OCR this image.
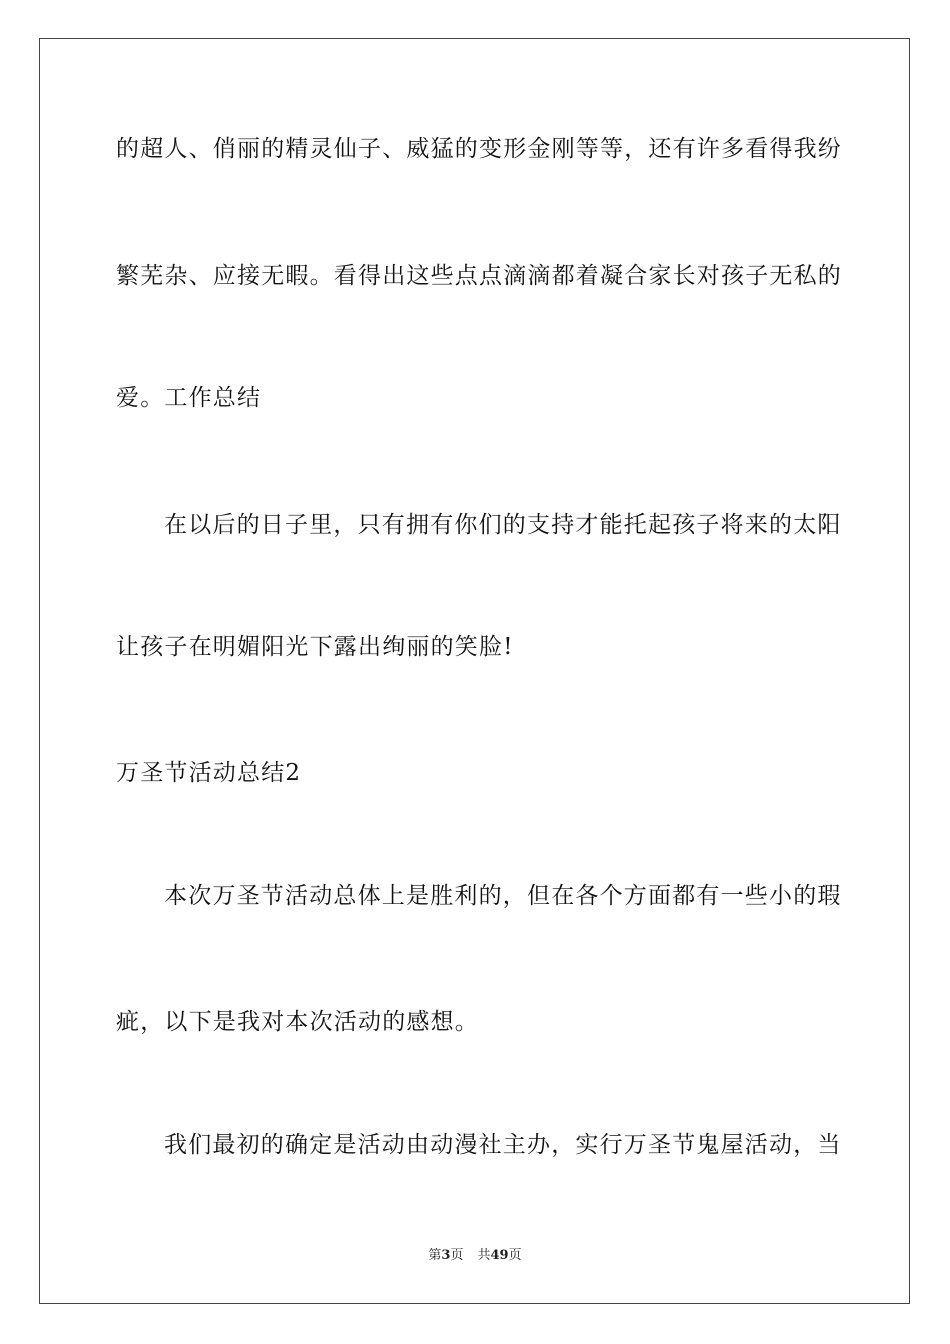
的超人、俏丽的精灵仙子、威猛的变形金刚等等，还有许多看得我纷
繁芜杂、应接无暇。看得出这些点点滴滴都着凝合家长对孩子无私的
爱。工作总结
在以后的日子里，只有拥有你们的支持才能托起孩子将来的太阳
让孩子在明媚阳光下露出绚丽的笑脸!
万圣节活动总结2
本次万圣节活动总体上是胜利的，但在各个方面都有一些小的瑕
疵，以下是我对本次活动的感想。
我们最初的确定是活动由动漫社主办，实行万圣节鬼屋活动，当
第3页 共49页
